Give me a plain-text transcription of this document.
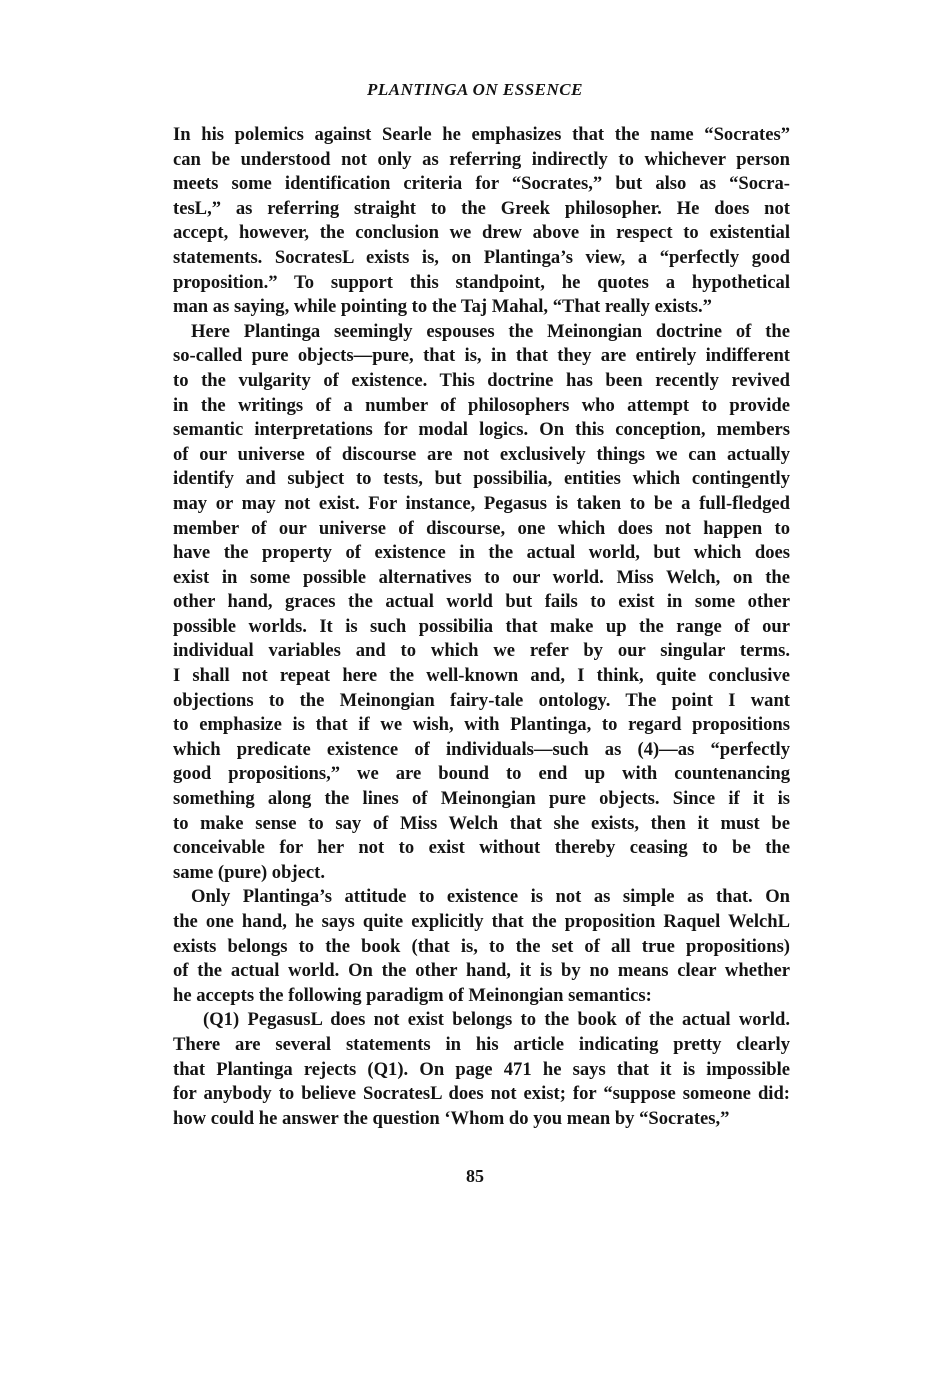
PLANTINGA ON ESSENCE

In his polemics against Searle he emphasizes that the name “Socrates”
can be understood not only as referring indirectly to whichever person
meets some identification criteria for “Socrates,” but also as “Socra-
tesL,” as referring straight to the Greek philosopher. He does not
accept, however, the conclusion we drew above in respect to existential
statements. SocratesL exists is, on Plantinga’s view, a “perfectly good
proposition.” To support this standpoint, he quotes a hypothetical
man as saying, while pointing to the Taj Mahal, “That really exists.”

Here Plantinga seemingly espouses the Meinongian doctrine of the
so-called pure objects—pure, that is, in that they are entirely indifferent
to the vulgarity of existence. This doctrine has been recently revived
in the writings of a number of philosophers who attempt to provide
semantic interpretations for modal logics. On this conception, members
of our universe of discourse are not exclusively things we can actually
identify and subject to tests, but possibilia, entities which contingently
may or may not exist. For instance, Pegasus is taken to be a full-fledged
member of our universe of discourse, one which does not happen to
have the property of existence in the actual world, but which does
exist in some possible alternatives to our world. Miss Welch, on the
other hand, graces the actual world but fails to exist in some other
possible worlds. It is such possibilia that make up the range of our
individual variables and to which we refer by our singular terms.
I shall not repeat here the well-known and, I think, quite conclusive
objections to the Meinongian fairy-tale ontology. The point I want
to emphasize is that if we wish, with Plantinga, to regard propositions
which predicate existence of individuals—such as (4)—as “perfectly
good propositions,” we are bound to end up with countenancing
something along the lines of Meinongian pure objects. Since if it is
to make sense to say of Miss Welch that she exists, then it must be
conceivable for her not to exist without thereby ceasing to be the
same (pure) object.

Only Plantinga’s attitude to existence is not as simple as that. On
the one hand, he says quite explicitly that the proposition Raquel WelchL
exists belongs to the book (that is, to the set of all true propositions)
of the actual world. On the other hand, it is by no means clear whether
he accepts the following paradigm of Meinongian semantics:

(Q1) PegasusL does not exist belongs to the book of the actual world.
There are several statements in his article indicating pretty clearly
that Plantinga rejects (Q1). On page 471 he says that it is impossible
for anybody to believe SocratesL does not exist; for “suppose someone did:
how could he answer the question ‘Whom do you mean by “Socrates,”

85
